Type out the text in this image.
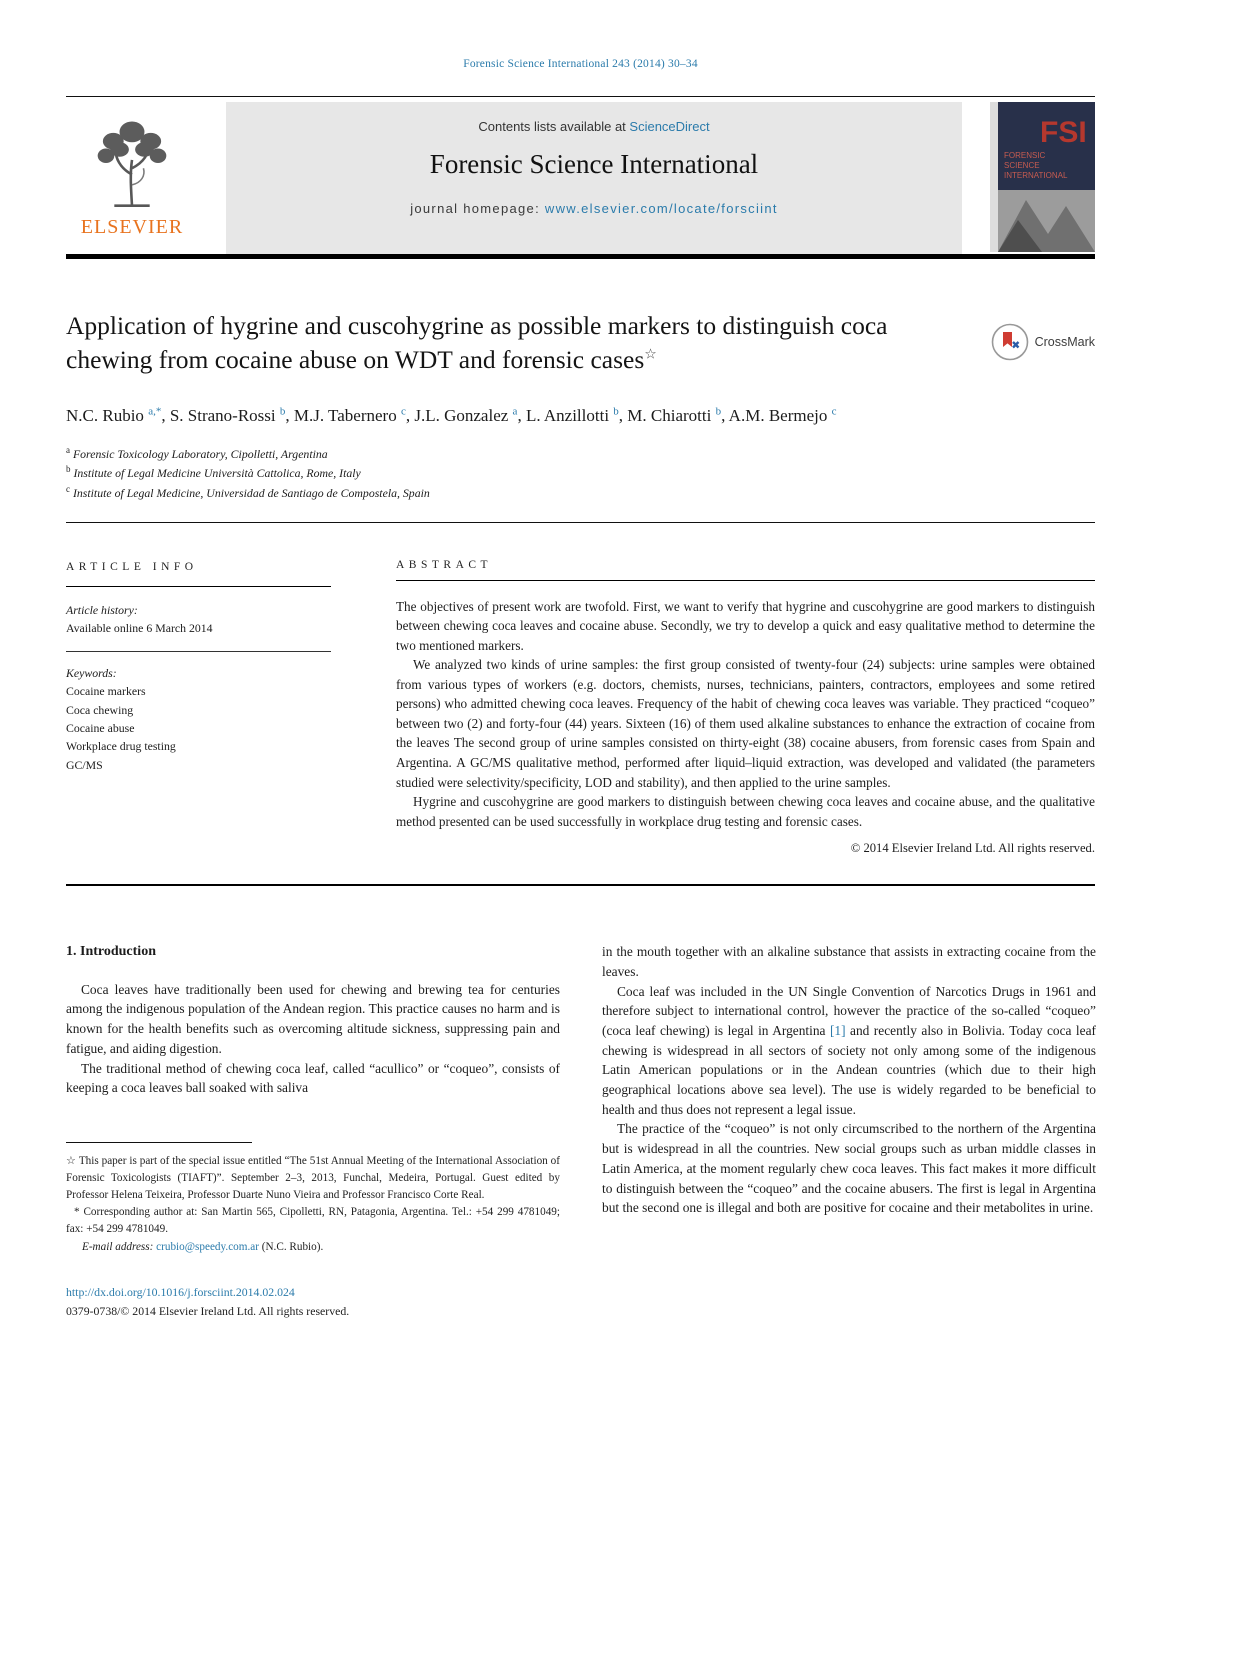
Forensic Science International 243 (2014) 30–34
ELSEVIER
Contents lists available at ScienceDirect
Forensic Science International
journal homepage: www.elsevier.com/locate/forsciint
FSI
FORENSIC
SCIENCE
INTERNATIONAL
Application of hygrine and cuscohygrine as possible markers to distinguish coca chewing from cocaine abuse on WDT and forensic cases☆
CrossMark
N.C. Rubio $^{a,*}$, S. Strano-Rossi $^b$, M.J. Tabernero $^c$, J.L. Gonzalez $^a$, L. Anzillotti $^b$, M. Chiarotti $^b$, A.M. Bermejo $^c$
$^a$ Forensic Toxicology Laboratory, Cipolletti, Argentina
$^b$ Institute of Legal Medicine Università Cattolica, Rome, Italy
$^c$ Institute of Legal Medicine, Universidad de Santiago de Compostela, Spain
ARTICLE INFO
Article history:
Available online 6 March 2014
Keywords:
Cocaine markers
Coca chewing
Cocaine abuse
Workplace drug testing
GC/MS
ABSTRACT

The objectives of present work are twofold. First, we want to verify that hygrine and cuscohygrine are good markers to distinguish between chewing coca leaves and cocaine abuse. Secondly, we try to develop a quick and easy qualitative method to determine the two mentioned markers.

We analyzed two kinds of urine samples: the first group consisted of twenty-four (24) subjects: urine samples were obtained from various types of workers (e.g. doctors, chemists, nurses, technicians, painters, contractors, employees and some retired persons) who admitted chewing coca leaves. Frequency of the habit of chewing coca leaves was variable. They practiced “coqueo” between two (2) and forty-four (44) years. Sixteen (16) of them used alkaline substances to enhance the extraction of cocaine from the leaves The second group of urine samples consisted on thirty-eight (38) cocaine abusers, from forensic cases from Spain and Argentina. A GC/MS qualitative method, performed after liquid–liquid extraction, was developed and validated (the parameters studied were selectivity/specificity, LOD and stability), and then applied to the urine samples.

Hygrine and cuscohygrine are good markers to distinguish between chewing coca leaves and cocaine abuse, and the qualitative method presented can be used successfully in workplace drug testing and forensic cases.

© 2014 Elsevier Ireland Ltd. All rights reserved.
1. Introduction

Coca leaves have traditionally been used for chewing and brewing tea for centuries among the indigenous population of the Andean region. This practice causes no harm and is known for the health benefits such as overcoming altitude sickness, suppressing pain and fatigue, and aiding digestion.

The traditional method of chewing coca leaf, called “acullico” or “coqueo”, consists of keeping a coca leaves ball soaked with saliva

☆ This paper is part of the special issue entitled “The 51st Annual Meeting of the International Association of Forensic Toxicologists (TIAFT)”. September 2–3, 2013, Funchal, Medeira, Portugal. Guest edited by Professor Helena Teixeira, Professor Duarte Nuno Vieira and Professor Francisco Corte Real.
* Corresponding author at: San Martin 565, Cipolletti, RN, Patagonia, Argentina. Tel.: +54 299 4781049; fax: +54 299 4781049.
E-mail address: crubio@speedy.com.ar (N.C. Rubio).

in the mouth together with an alkaline substance that assists in extracting cocaine from the leaves.

Coca leaf was included in the UN Single Convention of Narcotics Drugs in 1961 and therefore subject to international control, however the practice of the so-called “coqueo” (coca leaf chewing) is legal in Argentina [1] and recently also in Bolivia. Today coca leaf chewing is widespread in all sectors of society not only among some of the indigenous Latin American populations or in the Andean countries (which due to their high geographical locations above sea level). The use is widely regarded to be beneficial to health and thus does not represent a legal issue.

The practice of the “coqueo” is not only circumscribed to the northern of the Argentina but is widespread in all the countries. New social groups such as urban middle classes in Latin America, at the moment regularly chew coca leaves. This fact makes it more difficult to distinguish between the “coqueo” and the cocaine abusers. The first is legal in Argentina but the second one is illegal and both are positive for cocaine and their metabolites in urine.

http://dx.doi.org/10.1016/j.forsciint.2014.02.024
0379-0738/© 2014 Elsevier Ireland Ltd. All rights reserved.
